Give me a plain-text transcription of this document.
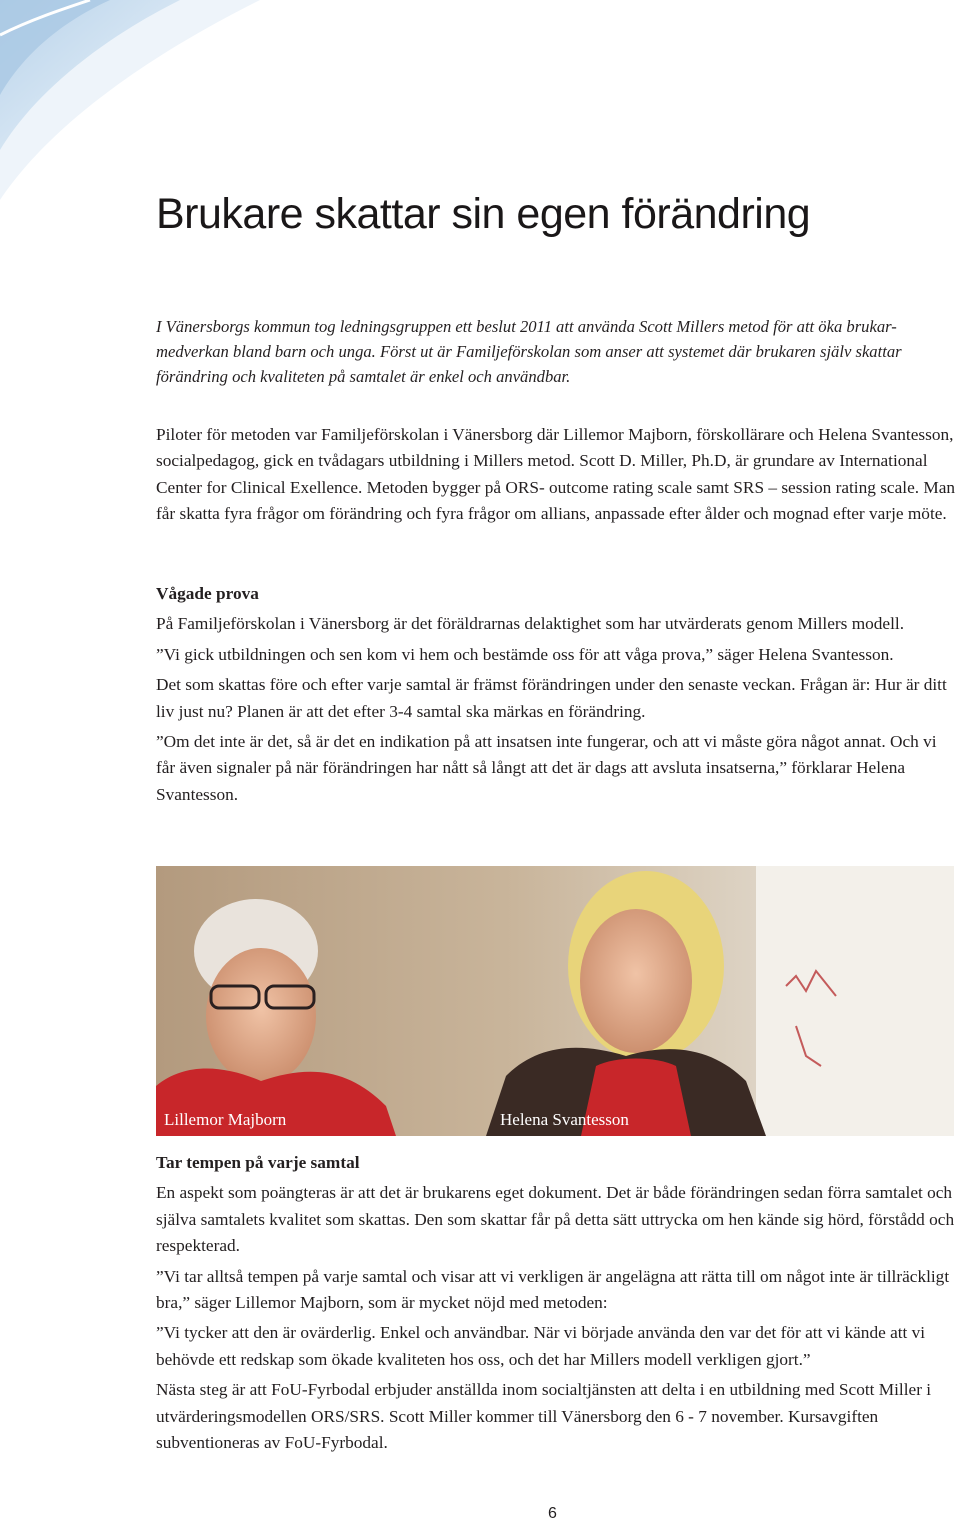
Brukare skattar sin egen förändring

I Vänersborgs kommun tog ledningsgruppen ett beslut 2011 att använda Scott Millers metod för att öka brukar-medverkan bland barn och unga. Först ut är Familjeförskolan som anser att systemet där brukaren själv skattar förändring och kvaliteten på samtalet är enkel och användbar.

Piloter för metoden var Familjeförskolan i Vänersborg där Lillemor Majborn, förskollärare och Helena Svantesson, socialpedagog, gick en tvådagars utbildning i Millers metod. Scott D. Miller, Ph.D, är grundare av International Center for Clinical Exellence. Metoden bygger på ORS- outcome rating scale samt SRS – session rating scale. Man får skatta fyra frågor om förändring och fyra frågor om allians, anpassade efter ålder och mognad efter varje möte.

Vågade prova

På Familjeförskolan i Vänersborg är det föräldrarnas delaktighet som har utvärderats genom Millers modell.

”Vi gick utbildningen och sen kom vi hem och bestämde oss för att våga prova,” säger Helena Svantesson.

Det som skattas före och efter varje samtal är främst förändringen under den senaste veckan. Frågan är: Hur är ditt liv just nu? Planen är att det efter 3-4 samtal ska märkas en förändring.

”Om det inte är det, så är det en indikation på att insatsen inte fungerar, och att vi måste göra något annat. Och vi får även signaler på när förändringen har nått så långt att det är dags att avsluta insatserna,” förklarar Helena Svantesson.

Lillemor Majborn	Helena Svantesson
Tar tempen på varje samtal

En aspekt som poängteras är att det är brukarens eget dokument. Det är både förändringen sedan förra samtalet och själva samtalets kvalitet som skattas. Den som skattar får på detta sätt uttrycka om hen kände sig hörd, förstådd och respekterad.

”Vi tar alltså tempen på varje samtal och visar att vi verkligen är angelägna att rätta till om något inte är tillräckligt bra,” säger Lillemor Majborn, som är mycket nöjd med metoden:

”Vi tycker att den är ovärderlig. Enkel och användbar. När vi började använda den var det för att vi kände att vi behövde ett redskap som ökade kvaliteten hos oss, och det har Millers modell verkligen gjort.”

Nästa steg är att FoU-Fyrbodal erbjuder anställda inom socialtjänsten att delta i en utbildning med Scott Miller i utvärderingsmodellen ORS/SRS. Scott Miller kommer till Vänersborg den 6 - 7 november. Kursavgiften subventioneras av FoU-Fyrbodal.

6
